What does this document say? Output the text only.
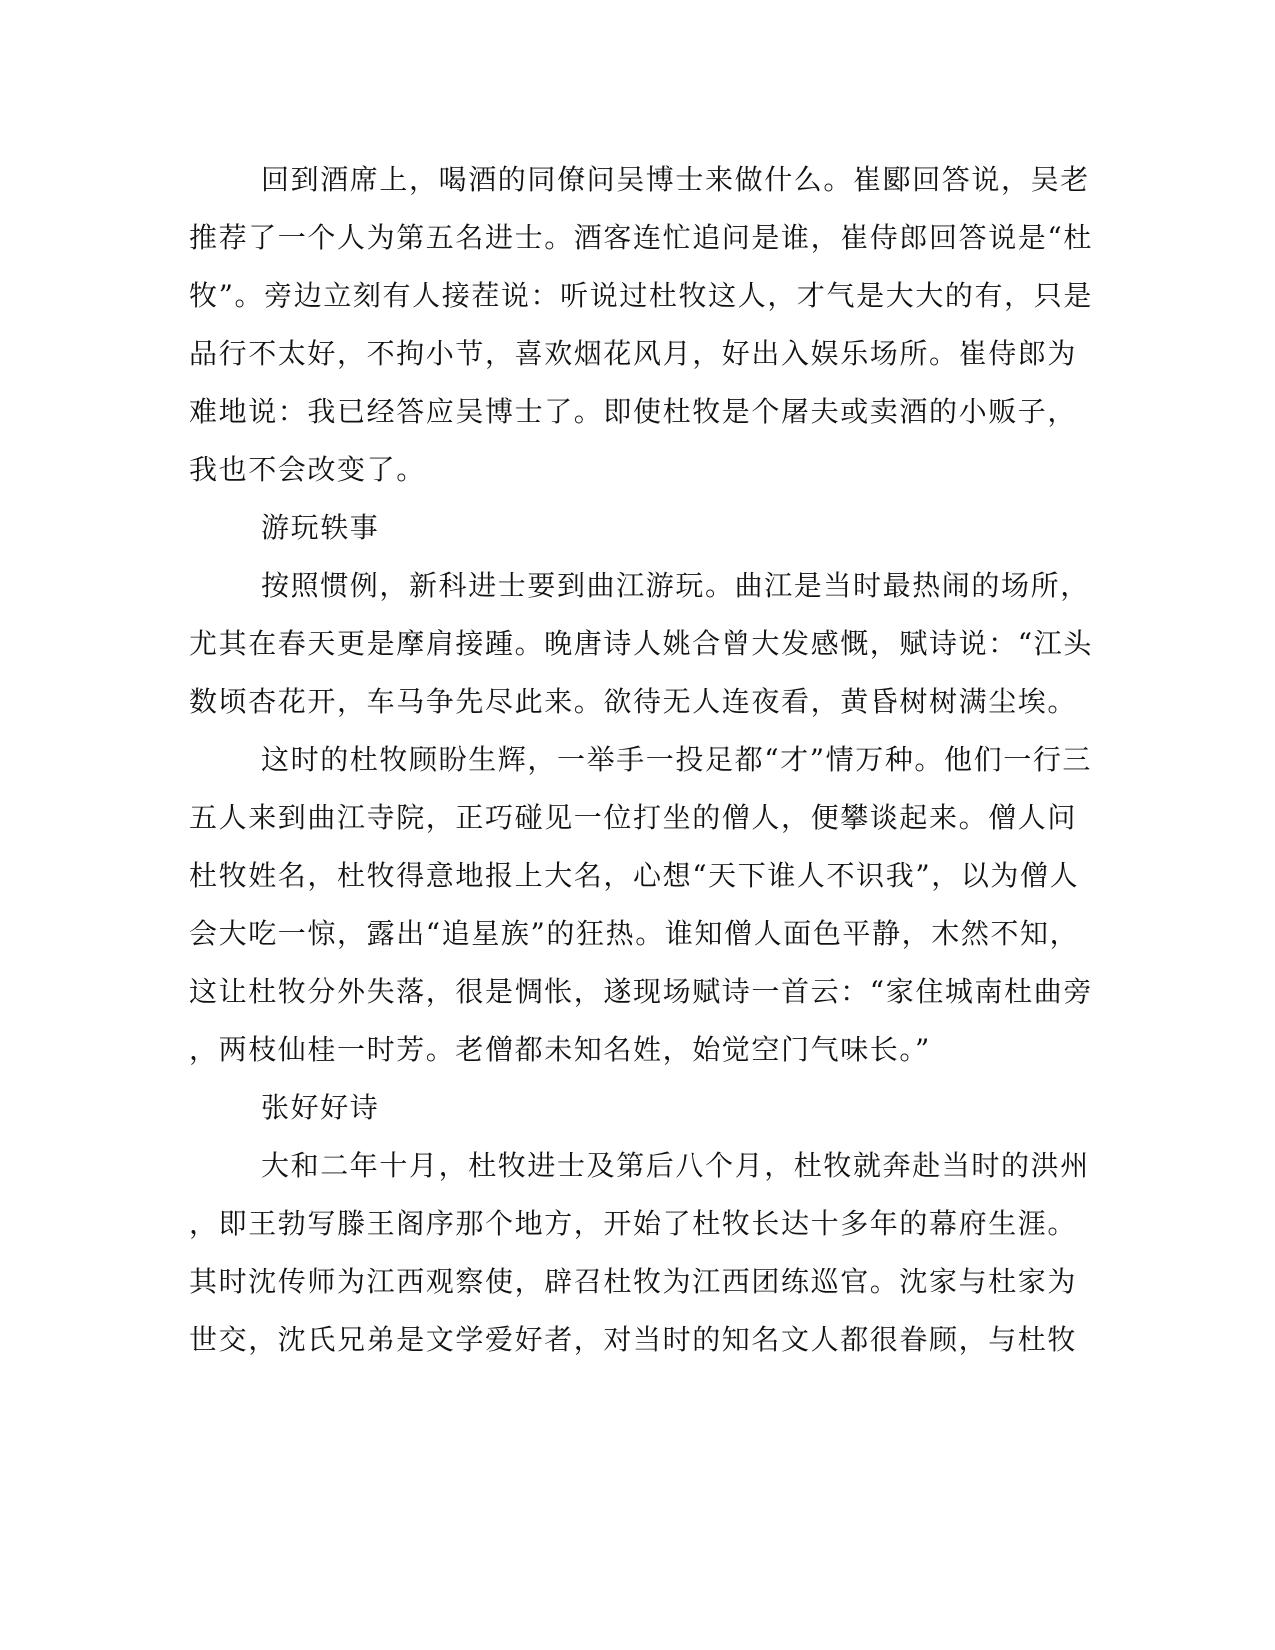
回到酒席上，喝酒的同僚问吴博士来做什么。崔郾回答说，吴老
推荐了一个人为第五名进士。酒客连忙追问是谁，崔侍郎回答说是“杜
牧”。旁边立刻有人接茬说：听说过杜牧这人，才气是大大的有，只是
品行不太好，不拘小节，喜欢烟花风月，好出入娱乐场所。崔侍郎为
难地说：我已经答应吴博士了。即使杜牧是个屠夫或卖酒的小贩子，
我也不会改变了。
游玩轶事
按照惯例，新科进士要到曲江游玩。曲江是当时最热闹的场所，
尤其在春天更是摩肩接踵。晚唐诗人姚合曾大发感慨，赋诗说：“江头
数顷杏花开，车马争先尽此来。欲待无人连夜看，黄昏树树满尘埃。
这时的杜牧顾盼生辉，一举手一投足都“才”情万种。他们一行三
五人来到曲江寺院，正巧碰见一位打坐的僧人，便攀谈起来。僧人问
杜牧姓名，杜牧得意地报上大名，心想“天下谁人不识我”，以为僧人
会大吃一惊，露出“追星族”的狂热。谁知僧人面色平静，木然不知，
这让杜牧分外失落，很是惆怅，遂现场赋诗一首云：“家住城南杜曲旁
，两枝仙桂一时芳。老僧都未知名姓，始觉空门气味长。”
张好好诗
大和二年十月，杜牧进士及第后八个月，杜牧就奔赴当时的洪州
，即王勃写滕王阁序那个地方，开始了杜牧长达十多年的幕府生涯。
其时沈传师为江西观察使，辟召杜牧为江西团练巡官。沈家与杜家为
世交，沈氏兄弟是文学爱好者，对当时的知名文人都很眷顾，与杜牧
